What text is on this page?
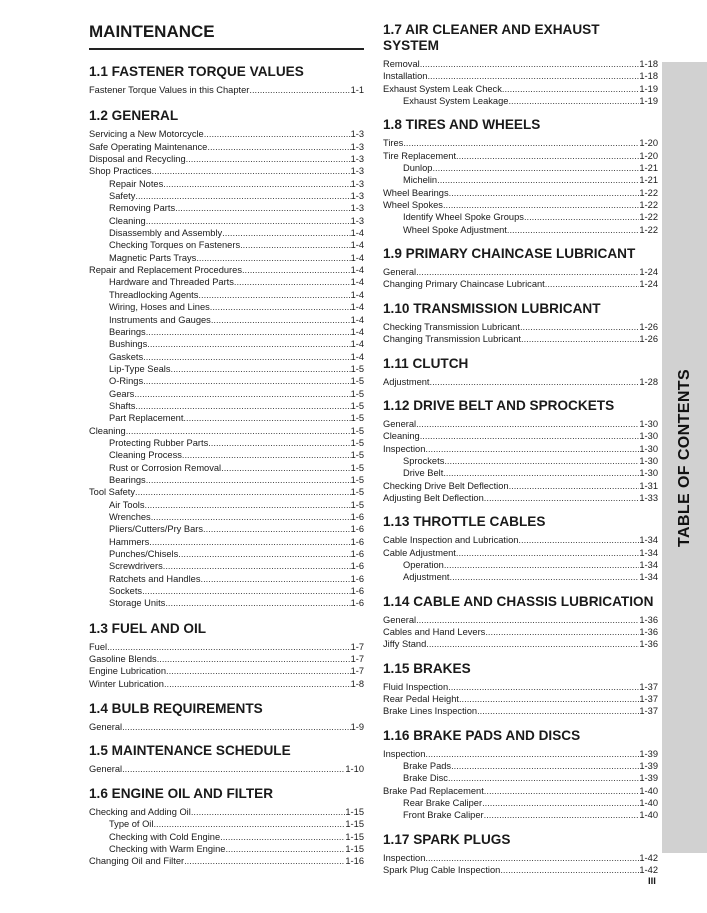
MAINTENANCE
1.1 FASTENER TORQUE VALUES
Fastener Torque Values in this Chapter .....	1-1
1.2 GENERAL
Servicing a New Motorcycle .....	1-3
Safe Operating Maintenance .....	1-3
Disposal and Recycling .....	1-3
Shop Practices .....	1-3
Repair Notes .....	1-3
Safety .....	1-3
Removing Parts .....	1-3
Cleaning .....	1-3
Disassembly and Assembly .....	1-4
Checking Torques on Fasteners .....	1-4
Magnetic Parts Trays .....	1-4
Repair and Replacement Procedures .....	1-4
Hardware and Threaded Parts .....	1-4
Threadlocking Agents .....	1-4
Wiring, Hoses and Lines .....	1-4
Instruments and Gauges .....	1-4
Bearings .....	1-4
Bushings .....	1-4
Gaskets .....	1-4
Lip-Type Seals .....	1-5
O-Rings .....	1-5
Gears .....	1-5
Shafts .....	1-5
Part Replacement .....	1-5
Cleaning .....	1-5
Protecting Rubber Parts .....	1-5
Cleaning Process .....	1-5
Rust or Corrosion Removal .....	1-5
Bearings .....	1-5
Tool Safety .....	1-5
Air Tools .....	1-5
Wrenches .....	1-6
Pliers/Cutters/Pry Bars .....	1-6
Hammers .....	1-6
Punches/Chisels .....	1-6
Screwdrivers .....	1-6
Ratchets and Handles .....	1-6
Sockets .....	1-6
Storage Units .....	1-6
1.3 FUEL AND OIL
Fuel .....	1-7
Gasoline Blends .....	1-7
Engine Lubrication .....	1-7
Winter Lubrication .....	1-8
1.4 BULB REQUIREMENTS
General .....	1-9
1.5 MAINTENANCE SCHEDULE
General .....	1-10
1.6 ENGINE OIL AND FILTER
Checking and Adding Oil .....	1-15
Type of Oil .....	1-15
Checking with Cold Engine .....	1-15
Checking with Warm Engine .....	1-15
Changing Oil and Filter .....	1-16
1.7 AIR CLEANER AND EXHAUST SYSTEM
Removal .....	1-18
Installation .....	1-18
Exhaust System Leak Check .....	1-19
Exhaust System Leakage .....	1-19
1.8 TIRES AND WHEELS
Tires .....	1-20
Tire Replacement .....	1-20
Dunlop .....	1-21
Michelin .....	1-21
Wheel Bearings .....	1-22
Wheel Spokes .....	1-22
Identify Wheel Spoke Groups .....	1-22
Wheel Spoke Adjustment .....	1-22
1.9 PRIMARY CHAINCASE LUBRICANT
General .....	1-24
Changing Primary Chaincase Lubricant .....	1-24
1.10 TRANSMISSION LUBRICANT
Checking Transmission Lubricant .....	1-26
Changing Transmission Lubricant .....	1-26
1.11 CLUTCH
Adjustment .....	1-28
1.12 DRIVE BELT AND SPROCKETS
General .....	1-30
Cleaning .....	1-30
Inspection .....	1-30
Sprockets .....	1-30
Drive Belt .....	1-30
Checking Drive Belt Deflection .....	1-31
Adjusting Belt Deflection .....	1-33
1.13 THROTTLE CABLES
Cable Inspection and Lubrication .....	1-34
Cable Adjustment .....	1-34
Operation .....	1-34
Adjustment .....	1-34
1.14 CABLE AND CHASSIS LUBRICATION
General .....	1-36
Cables and Hand Levers .....	1-36
Jiffy Stand .....	1-36
1.15 BRAKES
Fluid Inspection .....	1-37
Rear Pedal Height .....	1-37
Brake Lines Inspection .....	1-37
1.16 BRAKE PADS AND DISCS
Inspection .....	1-39
Brake Pads .....	1-39
Brake Disc .....	1-39
Brake Pad Replacement .....	1-40
Rear Brake Caliper .....	1-40
Front Brake Caliper .....	1-40
1.17 SPARK PLUGS
Inspection .....	1-42
Spark Plug Cable Inspection .....	1-42
TABLE OF CONTENTS
III
